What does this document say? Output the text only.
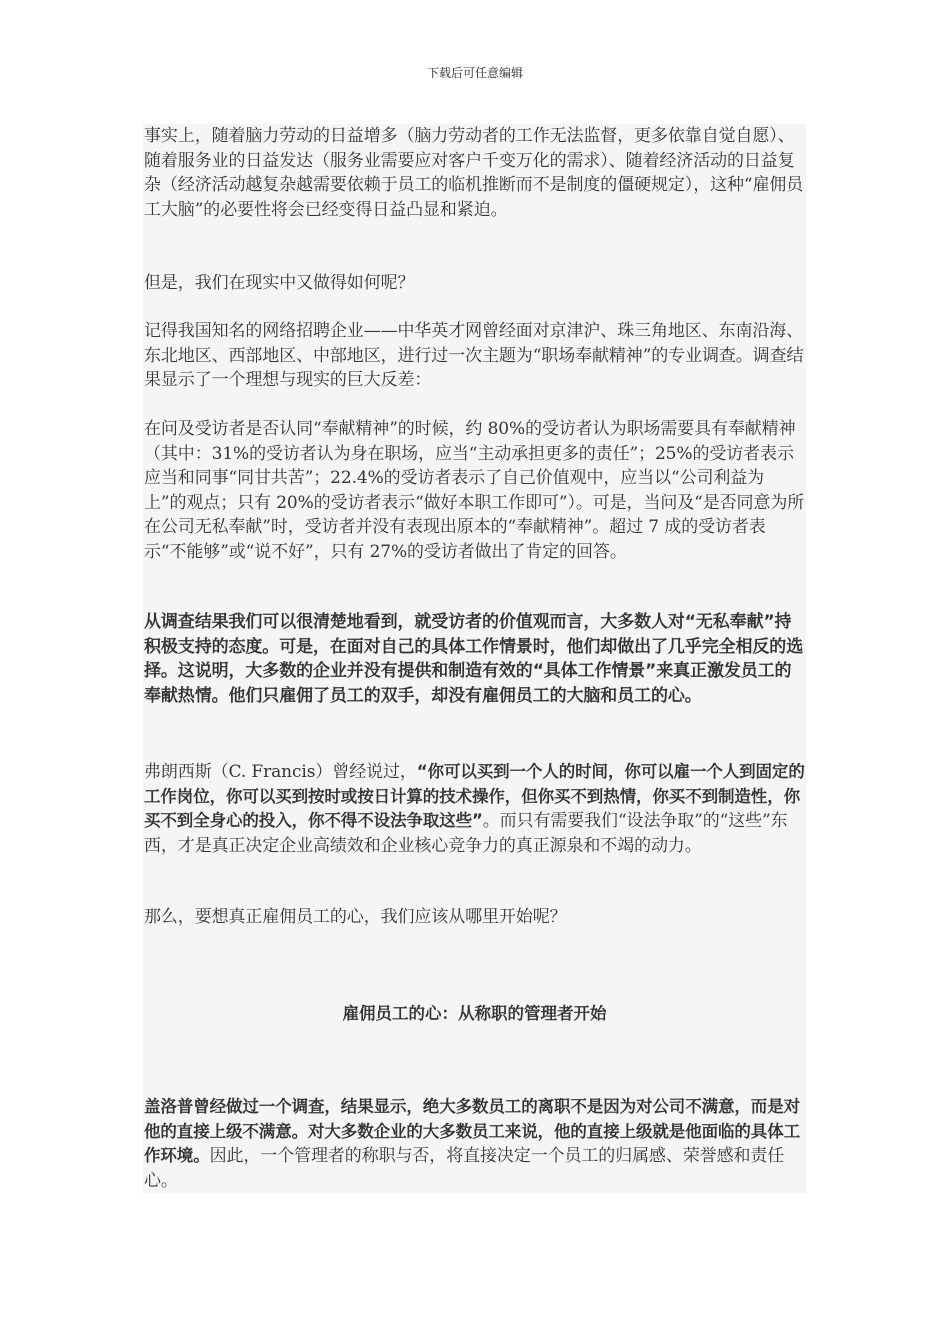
下载后可任意编辑

事实上，随着脑力劳动的日益增多（脑力劳动者的工作无法监督，更多依靠自觉自愿）、随着服务业的日益发达（服务业需要应对客户千变万化的需求）、随着经济活动的日益复杂（经济活动越复杂越需要依赖于员工的临机推断而不是制度的僵硬规定），这种“雇佣员工大脑”的必要性将会已经变得日益凸显和紧迫。

但是，我们在现实中又做得如何呢？

记得我国知名的网络招聘企业——中华英才网曾经面对京津沪、珠三角地区、东南沿海、东北地区、西部地区、中部地区，进行过一次主题为“职场奉献精神”的专业调查。调查结果显示了一个理想与现实的巨大反差：

在问及受访者是否认同“奉献精神”的时候，约 80%的受访者认为职场需要具有奉献精神（其中：31%的受访者认为身在职场，应当“主动承担更多的责任”；25%的受访者表示应当和同事“同甘共苦”；22.4%的受访者表示了自己价值观中，应当以“公司利益为上”的观点；只有 20%的受访者表示“做好本职工作即可”）。可是，当问及“是否同意为所在公司无私奉献”时，受访者并没有表现出原本的“奉献精神”。超过 7 成的受访者表示“不能够”或“说不好”，只有 27%的受访者做出了肯定的回答。

从调查结果我们可以很清楚地看到，就受访者的价值观而言，大多数人对“无私奉献”持积极支持的态度。可是，在面对自己的具体工作情景时，他们却做出了几乎完全相反的选择。这说明，大多数的企业并没有提供和制造有效的“具体工作情景”来真正激发员工的奉献热情。他们只雇佣了员工的双手，却没有雇佣员工的大脑和员工的心。

弗朗西斯（C. Francis）曾经说过，“你可以买到一个人的时间，你可以雇一个人到固定的工作岗位，你可以买到按时或按日计算的技术操作，但你买不到热情，你买不到制造性，你买不到全身心的投入，你不得不设法争取这些”。而只有需要我们“设法争取”的“这些”东西，才是真正决定企业高绩效和企业核心竞争力的真正源泉和不竭的动力。

那么，要想真正雇佣员工的心，我们应该从哪里开始呢？

雇佣员工的心：从称职的管理者开始

盖洛普曾经做过一个调查，结果显示，绝大多数员工的离职不是因为对公司不满意，而是对他的直接上级不满意。对大多数企业的大多数员工来说，他的直接上级就是他面临的具体工作环境。因此，一个管理者的称职与否，将直接决定一个员工的归属感、荣誉感和责任心。
